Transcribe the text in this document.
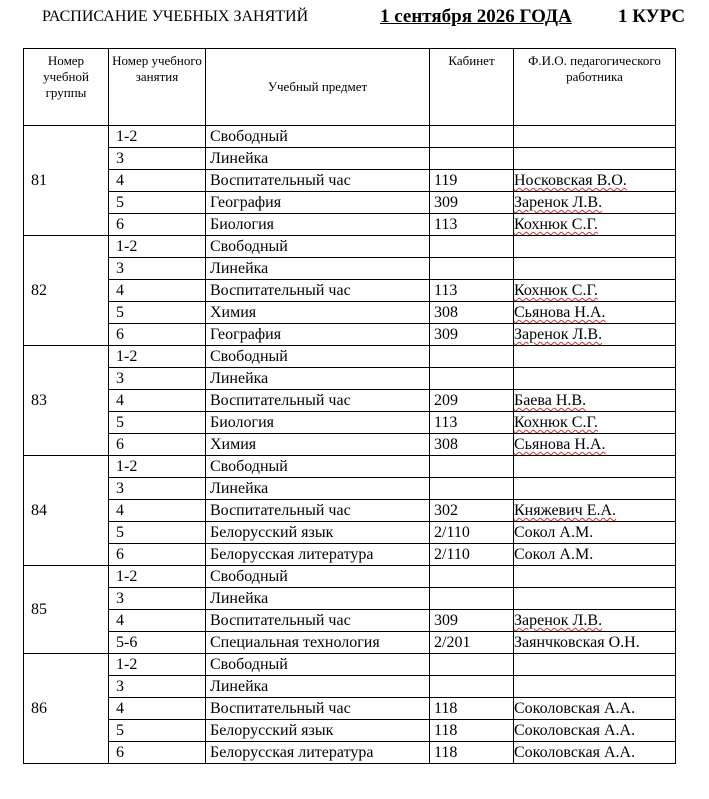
РАСПИСАНИЕ УЧЕБНЫХ ЗАНЯТИЙ	1 сентября 2026 ГОДА 1 КУРС
Номер учебной группы	Номер учебного занятия	Учебный предмет	Кабинет	Ф.И.О. педагогического работника
81	1-2	Свободный		
	3	Линейка		
	4	Воспитательный час	119	Носковская В.О.
	5	География	309	Заренок Л.В.
	6	Биология	113	Кохнюк С.Г.
82	1-2	Свободный		
	3	Линейка		
	4	Воспитательный час	113	Кохнюк С.Г.
	5	Химия	308	Сьянова Н.А.
	6	География	309	Заренок Л.В.
83	1-2	Свободный		
	3	Линейка		
	4	Воспитательный час	209	Баева Н.В.
	5	Биология	113	Кохнюк С.Г.
	6	Химия	308	Сьянова Н.А.
84	1-2	Свободный		
	3	Линейка		
	4	Воспитательный час	302	Княжевич Е.А.
	5	Белорусский язык	2/110	Сокол А.М.
	6	Белорусская литература	2/110	Сокол А.М.
85	1-2	Свободный		
	3	Линейка		
	4	Воспитательный час	309	Заренок Л.В.
	5-6	Специальная технология	2/201	Заянчковская О.Н.
86	1-2	Свободный		
	3	Линейка		
	4	Воспитательный час	118	Соколовская А.А.
	5	Белорусский язык	118	Соколовская А.А.
	6	Белорусская литература	118	Соколовская А.А.
